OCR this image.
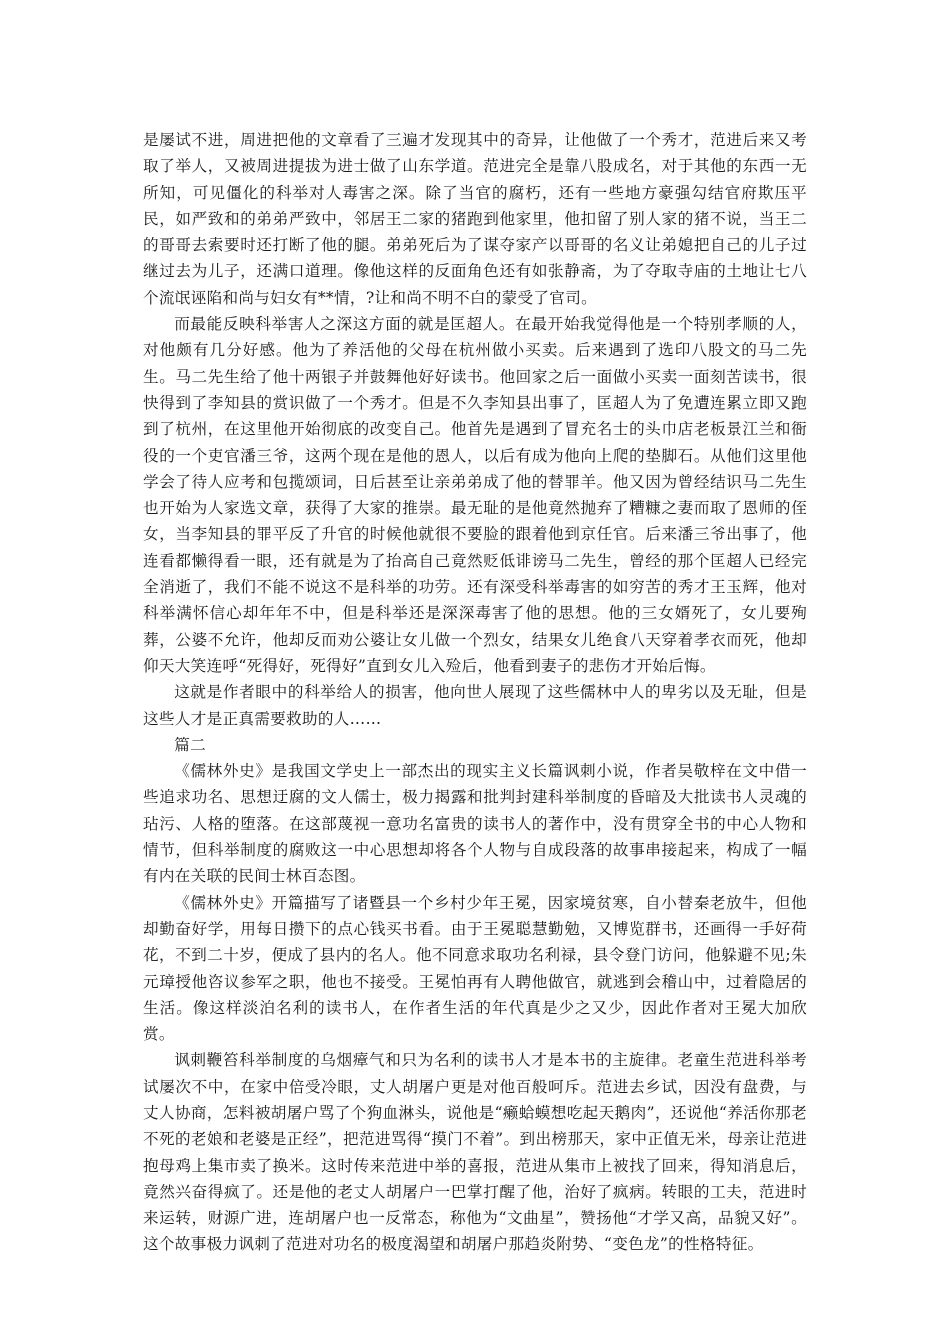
是屡试不进，周进把他的文章看了三遍才发现其中的奇异，让他做了一个秀才，范进后来又考取了举人，又被周进提拔为进士做了山东学道。范进完全是靠八股成名，对于其他的东西一无所知，可见僵化的科举对人毒害之深。除了当官的腐朽，还有一些地方豪强勾结官府欺压平民，如严致和的弟弟严致中，邻居王二家的猪跑到他家里，他扣留了别人家的猪不说，当王二的哥哥去索要时还打断了他的腿。弟弟死后为了谋夺家产以哥哥的名义让弟媳把自己的儿子过继过去为儿子，还满口道理。像他这样的反面角色还有如张静斋，为了夺取寺庙的土地让七八个流氓诬陷和尚与妇女有**情，?让和尚不明不白的蒙受了官司。

而最能反映科举害人之深这方面的就是匡超人。在最开始我觉得他是一个特别孝顺的人，对他颇有几分好感。他为了养活他的父母在杭州做小买卖。后来遇到了选印八股文的马二先生。马二先生给了他十两银子并鼓舞他好好读书。他回家之后一面做小买卖一面刻苦读书，很快得到了李知县的赏识做了一个秀才。但是不久李知县出事了，匡超人为了免遭连累立即又跑到了杭州，在这里他开始彻底的改变自己。他首先是遇到了冒充名士的头巾店老板景江兰和衙役的一个吏官潘三爷，这两个现在是他的恩人，以后有成为他向上爬的垫脚石。从他们这里他学会了待人应考和包揽颂词，日后甚至让亲弟弟成了他的替罪羊。他又因为曾经结识马二先生也开始为人家选文章，获得了大家的推崇。最无耻的是他竟然抛弃了糟糠之妻而取了恩师的侄女，当李知县的罪平反了升官的时候他就很不要脸的跟着他到京任官。后来潘三爷出事了，他连看都懒得看一眼，还有就是为了抬高自己竟然贬低诽谤马二先生，曾经的那个匡超人已经完全消逝了，我们不能不说这不是科举的功劳。还有深受科举毒害的如穷苦的秀才王玉辉，他对科举满怀信心却年年不中，但是科举还是深深毒害了他的思想。他的三女婿死了，女儿要殉葬，公婆不允许，他却反而劝公婆让女儿做一个烈女，结果女儿绝食八天穿着孝衣而死，他却仰天大笑连呼“死得好，死得好”直到女儿入殓后，他看到妻子的悲伤才开始后悔。

这就是作者眼中的科举给人的损害，他向世人展现了这些儒林中人的卑劣以及无耻，但是这些人才是正真需要救助的人……

篇二

《儒林外史》是我国文学史上一部杰出的现实主义长篇讽刺小说，作者吴敬梓在文中借一些追求功名、思想迂腐的文人儒士，极力揭露和批判封建科举制度的昏暗及大批读书人灵魂的玷污、人格的堕落。在这部蔑视一意功名富贵的读书人的著作中，没有贯穿全书的中心人物和情节，但科举制度的腐败这一中心思想却将各个人物与自成段落的故事串接起来，构成了一幅有内在关联的民间士林百态图。

《儒林外史》开篇描写了诸暨县一个乡村少年王冕，因家境贫寒，自小替秦老放牛，但他却勤奋好学，用每日攒下的点心钱买书看。由于王冕聪慧勤勉，又博览群书，还画得一手好荷花，不到二十岁，便成了县内的名人。他不同意求取功名利禄，县令登门访问，他躲避不见;朱元璋授他咨议参军之职，他也不接受。王冕怕再有人聘他做官，就逃到会稽山中，过着隐居的生活。像这样淡泊名利的读书人，在作者生活的年代真是少之又少，因此作者对王冕大加欣赏。

讽刺鞭笞科举制度的乌烟瘴气和只为名利的读书人才是本书的主旋律。老童生范进科举考试屡次不中，在家中倍受冷眼，丈人胡屠户更是对他百般呵斥。范进去乡试，因没有盘费，与丈人协商，怎料被胡屠户骂了个狗血淋头，说他是“癞蛤蟆想吃起天鹅肉”，还说他“养活你那老不死的老娘和老婆是正经”，把范进骂得“摸门不着”。到出榜那天，家中正值无米，母亲让范进抱母鸡上集市卖了换米。这时传来范进中举的喜报，范进从集市上被找了回来，得知消息后，竟然兴奋得疯了。还是他的老丈人胡屠户一巴掌打醒了他，治好了疯病。转眼的工夫，范进时来运转，财源广进，连胡屠户也一反常态，称他为“文曲星”，赞扬他“才学又高，品貌又好”。这个故事极力讽刺了范进对功名的极度渴望和胡屠户那趋炎附势、“变色龙”的性格特征。
